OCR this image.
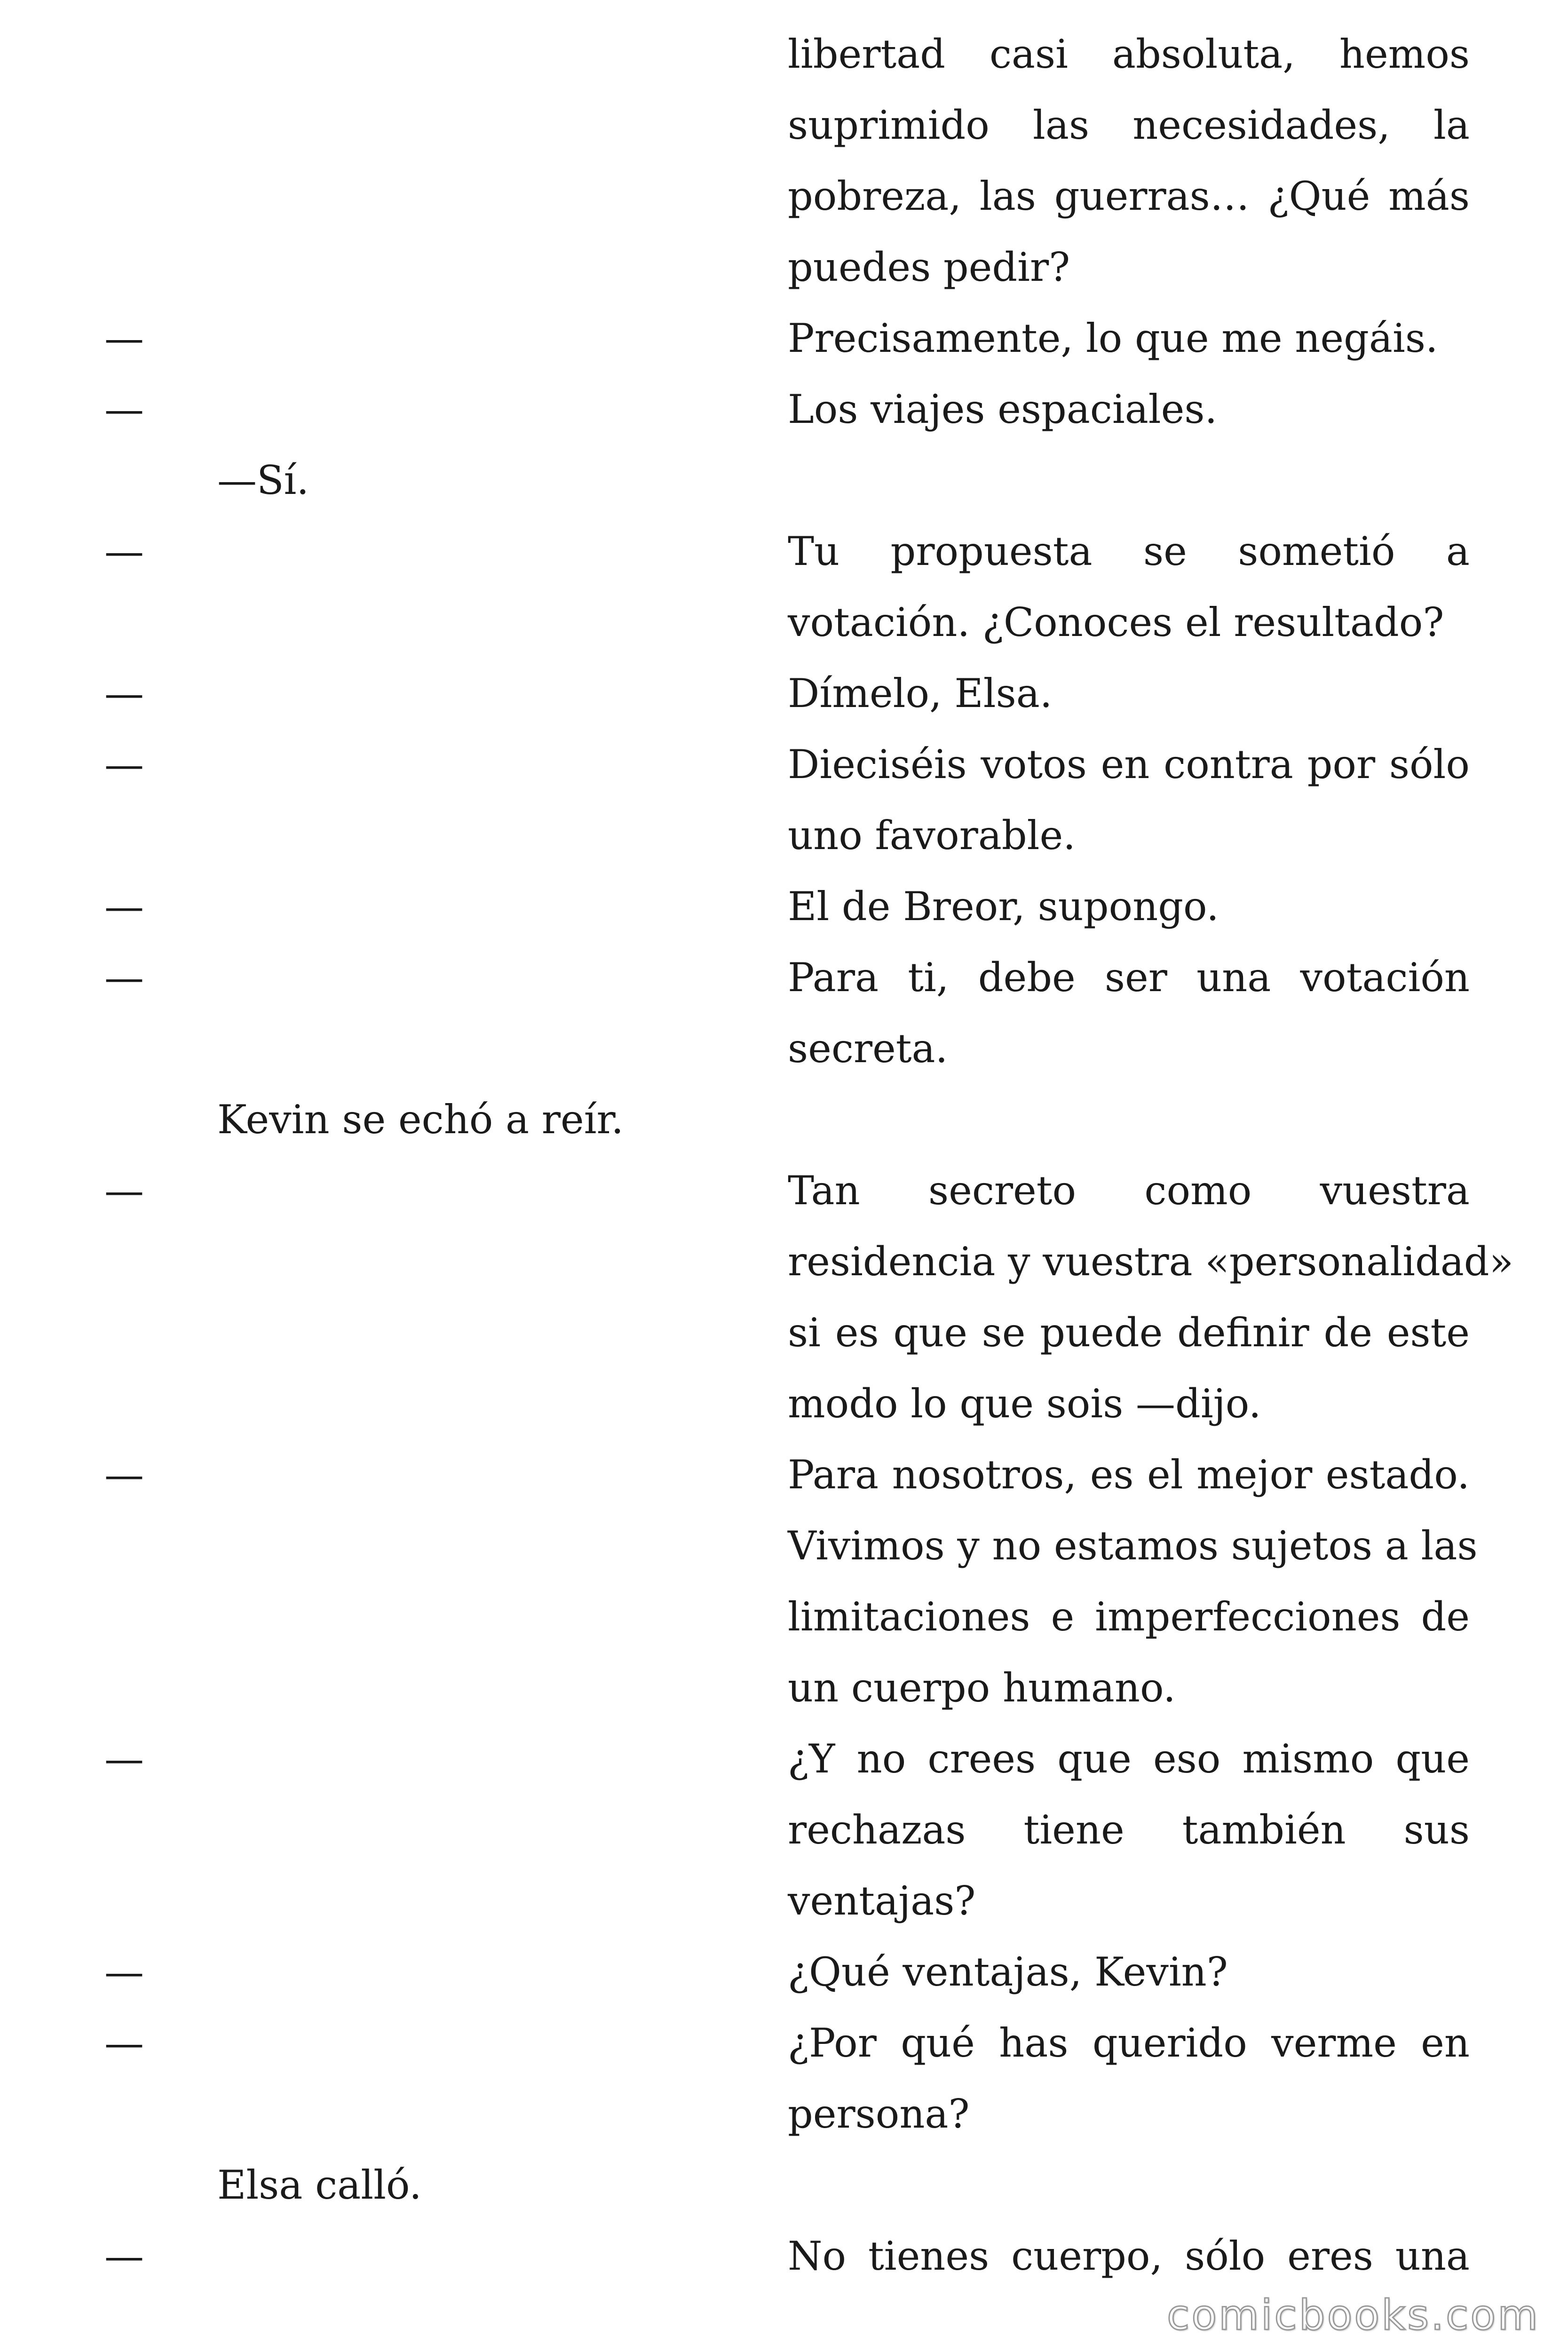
libertad casi absoluta, hemos
suprimido las necesidades, la
pobreza, las guerras… ¿Qué más
puedes pedir?
—	Precisamente, lo que me negáis.
—	Los viajes espaciales.
—Sí.
—	Tu propuesta se sometió a
votación. ¿Conoces el resultado?
—	Dímelo, Elsa.
—	Dieciséis votos en contra por sólo
uno favorable.
—	El de Breor, supongo.
—	Para ti, debe ser una votación
secreta.
Kevin se echó a reír.
—	Tan secreto como vuestra
residencia y vuestra «personalidad»
si es que se puede definir de este
modo lo que sois —dijo.
—	Para nosotros, es el mejor estado.
Vivimos y no estamos sujetos a las
limitaciones e imperfecciones de
un cuerpo humano.
—	¿Y no crees que eso mismo que
rechazas tiene también sus
ventajas?
—	¿Qué ventajas, Kevin?
—	¿Por qué has querido verme en
persona?
Elsa calló.
—	No tienes cuerpo, sólo eres una
comicbooks.com
